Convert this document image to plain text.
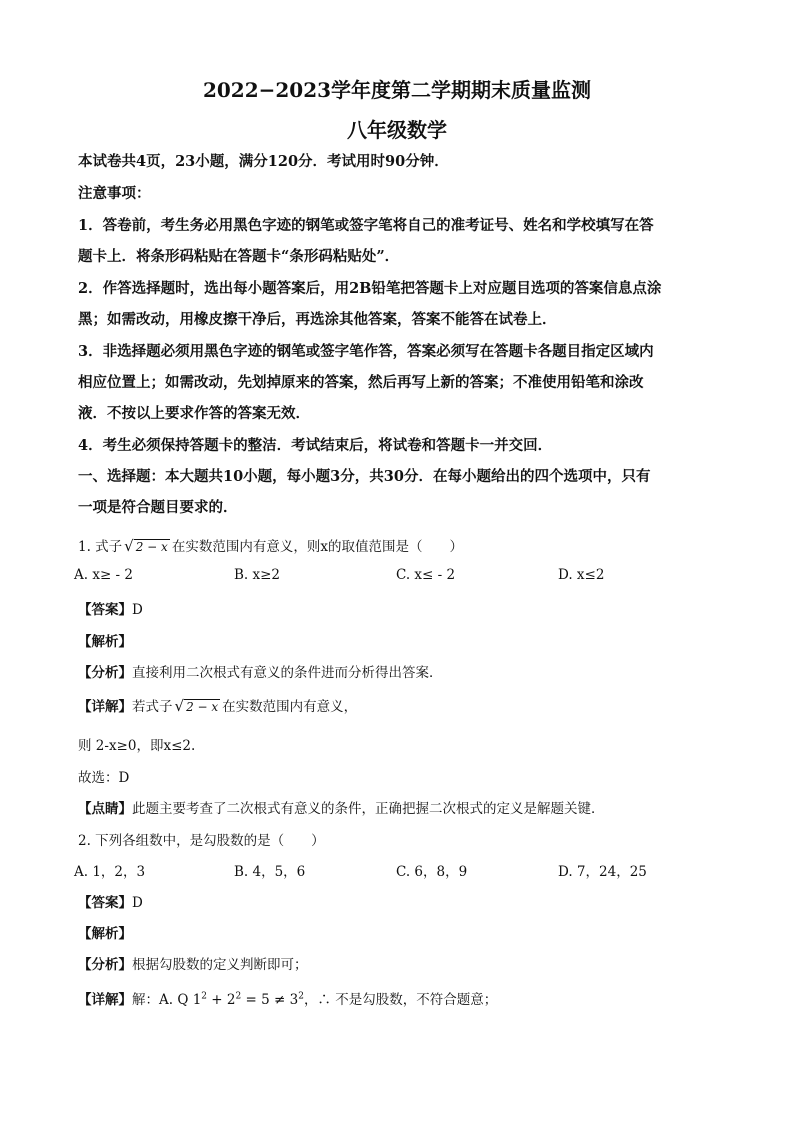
2022−2023学年度第二学期期末质量监测
八年级数学
本试卷共4页，23小题，满分120分．考试用时90分钟．
注意事项：
1．答卷前，考生务必用黑色字迹的钢笔或签字笔将自己的准考证号、姓名和学校填写在答
题卡上．将条形码粘贴在答题卡“条形码粘贴处”．
2．作答选择题时，选出每小题答案后，用2B铅笔把答题卡上对应题目选项的答案信息点涂
黑；如需改动，用橡皮擦干净后，再选涂其他答案，答案不能答在试卷上．
3．非选择题必须用黑色字迹的钢笔或签字笔作答，答案必须写在答题卡各题目指定区域内
相应位置上；如需改动，先划掉原来的答案，然后再写上新的答案；不准使用铅笔和涂改
液．不按以上要求作答的答案无效．
4．考生必须保持答题卡的整洁．考试结束后，将试卷和答题卡一并交回．
一、选择题：本大题共10小题，每小题3分，共30分．在每小题给出的四个选项中，只有
一项是符合题目要求的．
1. 式子 √ 2 − x 在实数范围内有意义，则x的取值范围是（　　）
A. x≥ - 2	B. x≥2	C. x≤ - 2	D. x≤2
【答案】D
【解析】
【分析】直接利用二次根式有意义的条件进而分析得出答案．
【详解】若式子 √ 2 − x 在实数范围内有意义，
则 2-x≥0，即x≤2.
故选：D
【点睛】此题主要考查了二次根式有意义的条件，正确把握二次根式的定义是解题关键．
2. 下列各组数中，是勾股数的是（　　）
A. 1，2，3	B. 4，5，6	C. 6，8，9	D. 7，24，25
【答案】D
【解析】
【分析】根据勾股数的定义判断即可；
【详解】解：A. Q $1^2 + 2^2 = 5 \ne 3^2$，∴ 不是勾股数，不符合题意；
